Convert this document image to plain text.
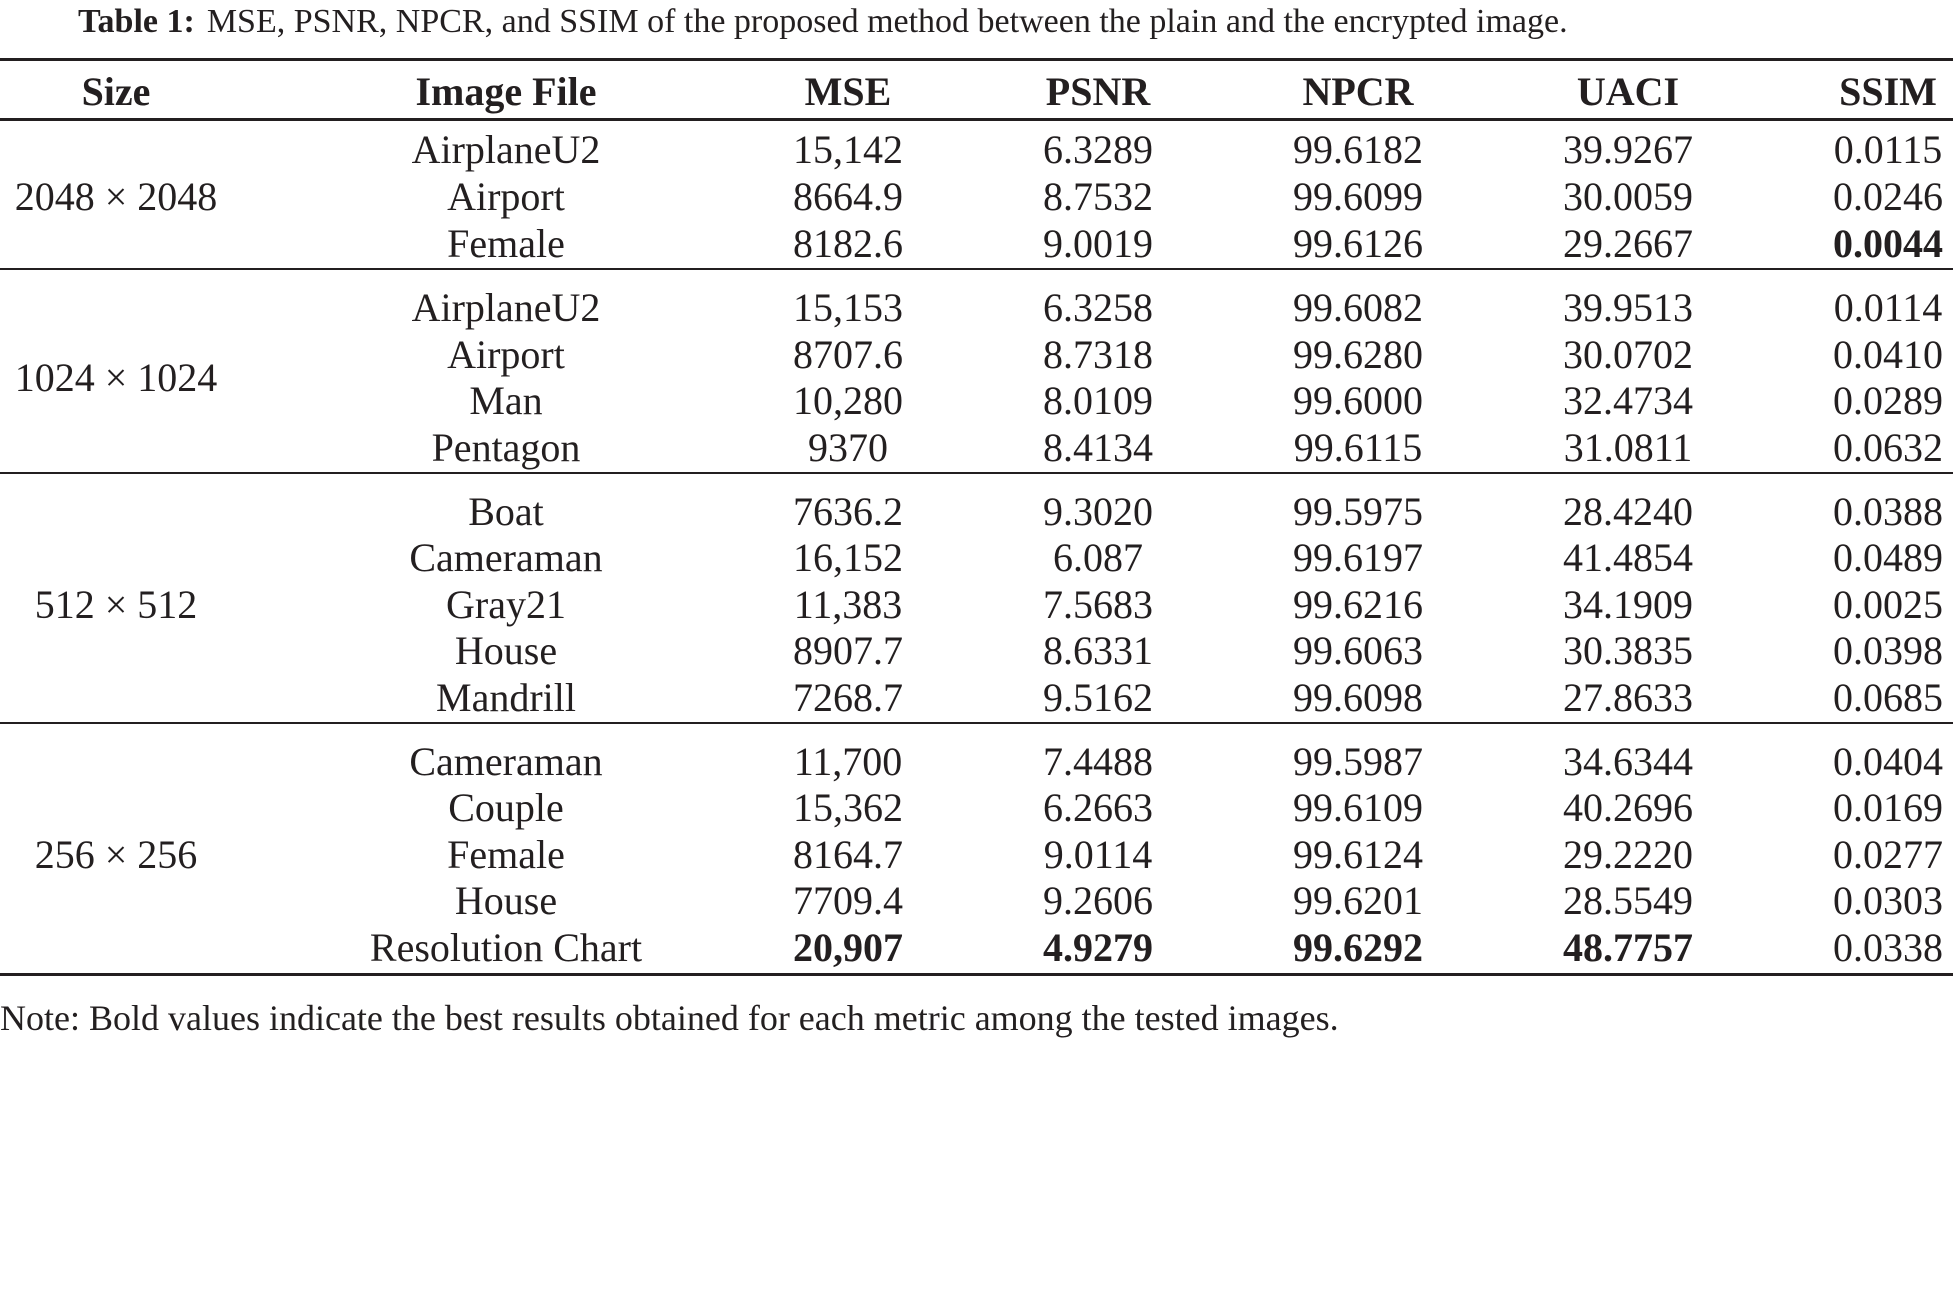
Table 1: MSE, PSNR, NPCR, and SSIM of the proposed method between the plain and the encrypted image.
Size	Image File	MSE	PSNR	NPCR	UACI	SSIM
2048 × 2048
AirplaneU2	15,142	6.3289	99.6182	39.9267	0.0115
Airport	8664.9	8.7532	99.6099	30.0059	0.0246
Female	8182.6	9.0019	99.6126	29.2667	0.0044
1024 × 1024
AirplaneU2	15,153	6.3258	99.6082	39.9513	0.0114
Airport	8707.6	8.7318	99.6280	30.0702	0.0410
Man	10,280	8.0109	99.6000	32.4734	0.0289
Pentagon	9370	8.4134	99.6115	31.0811	0.0632
512 × 512
Boat	7636.2	9.3020	99.5975	28.4240	0.0388
Cameraman	16,152	6.087	99.6197	41.4854	0.0489
Gray21	11,383	7.5683	99.6216	34.1909	0.0025
House	8907.7	8.6331	99.6063	30.3835	0.0398
Mandrill	7268.7	9.5162	99.6098	27.8633	0.0685
256 × 256
Cameraman	11,700	7.4488	99.5987	34.6344	0.0404
Couple	15,362	6.2663	99.6109	40.2696	0.0169
Female	8164.7	9.0114	99.6124	29.2220	0.0277
House	7709.4	9.2606	99.6201	28.5549	0.0303
Resolution Chart	20,907	4.9279	99.6292	48.7757	0.0338
Note: Bold values indicate the best results obtained for each metric among the tested images.
